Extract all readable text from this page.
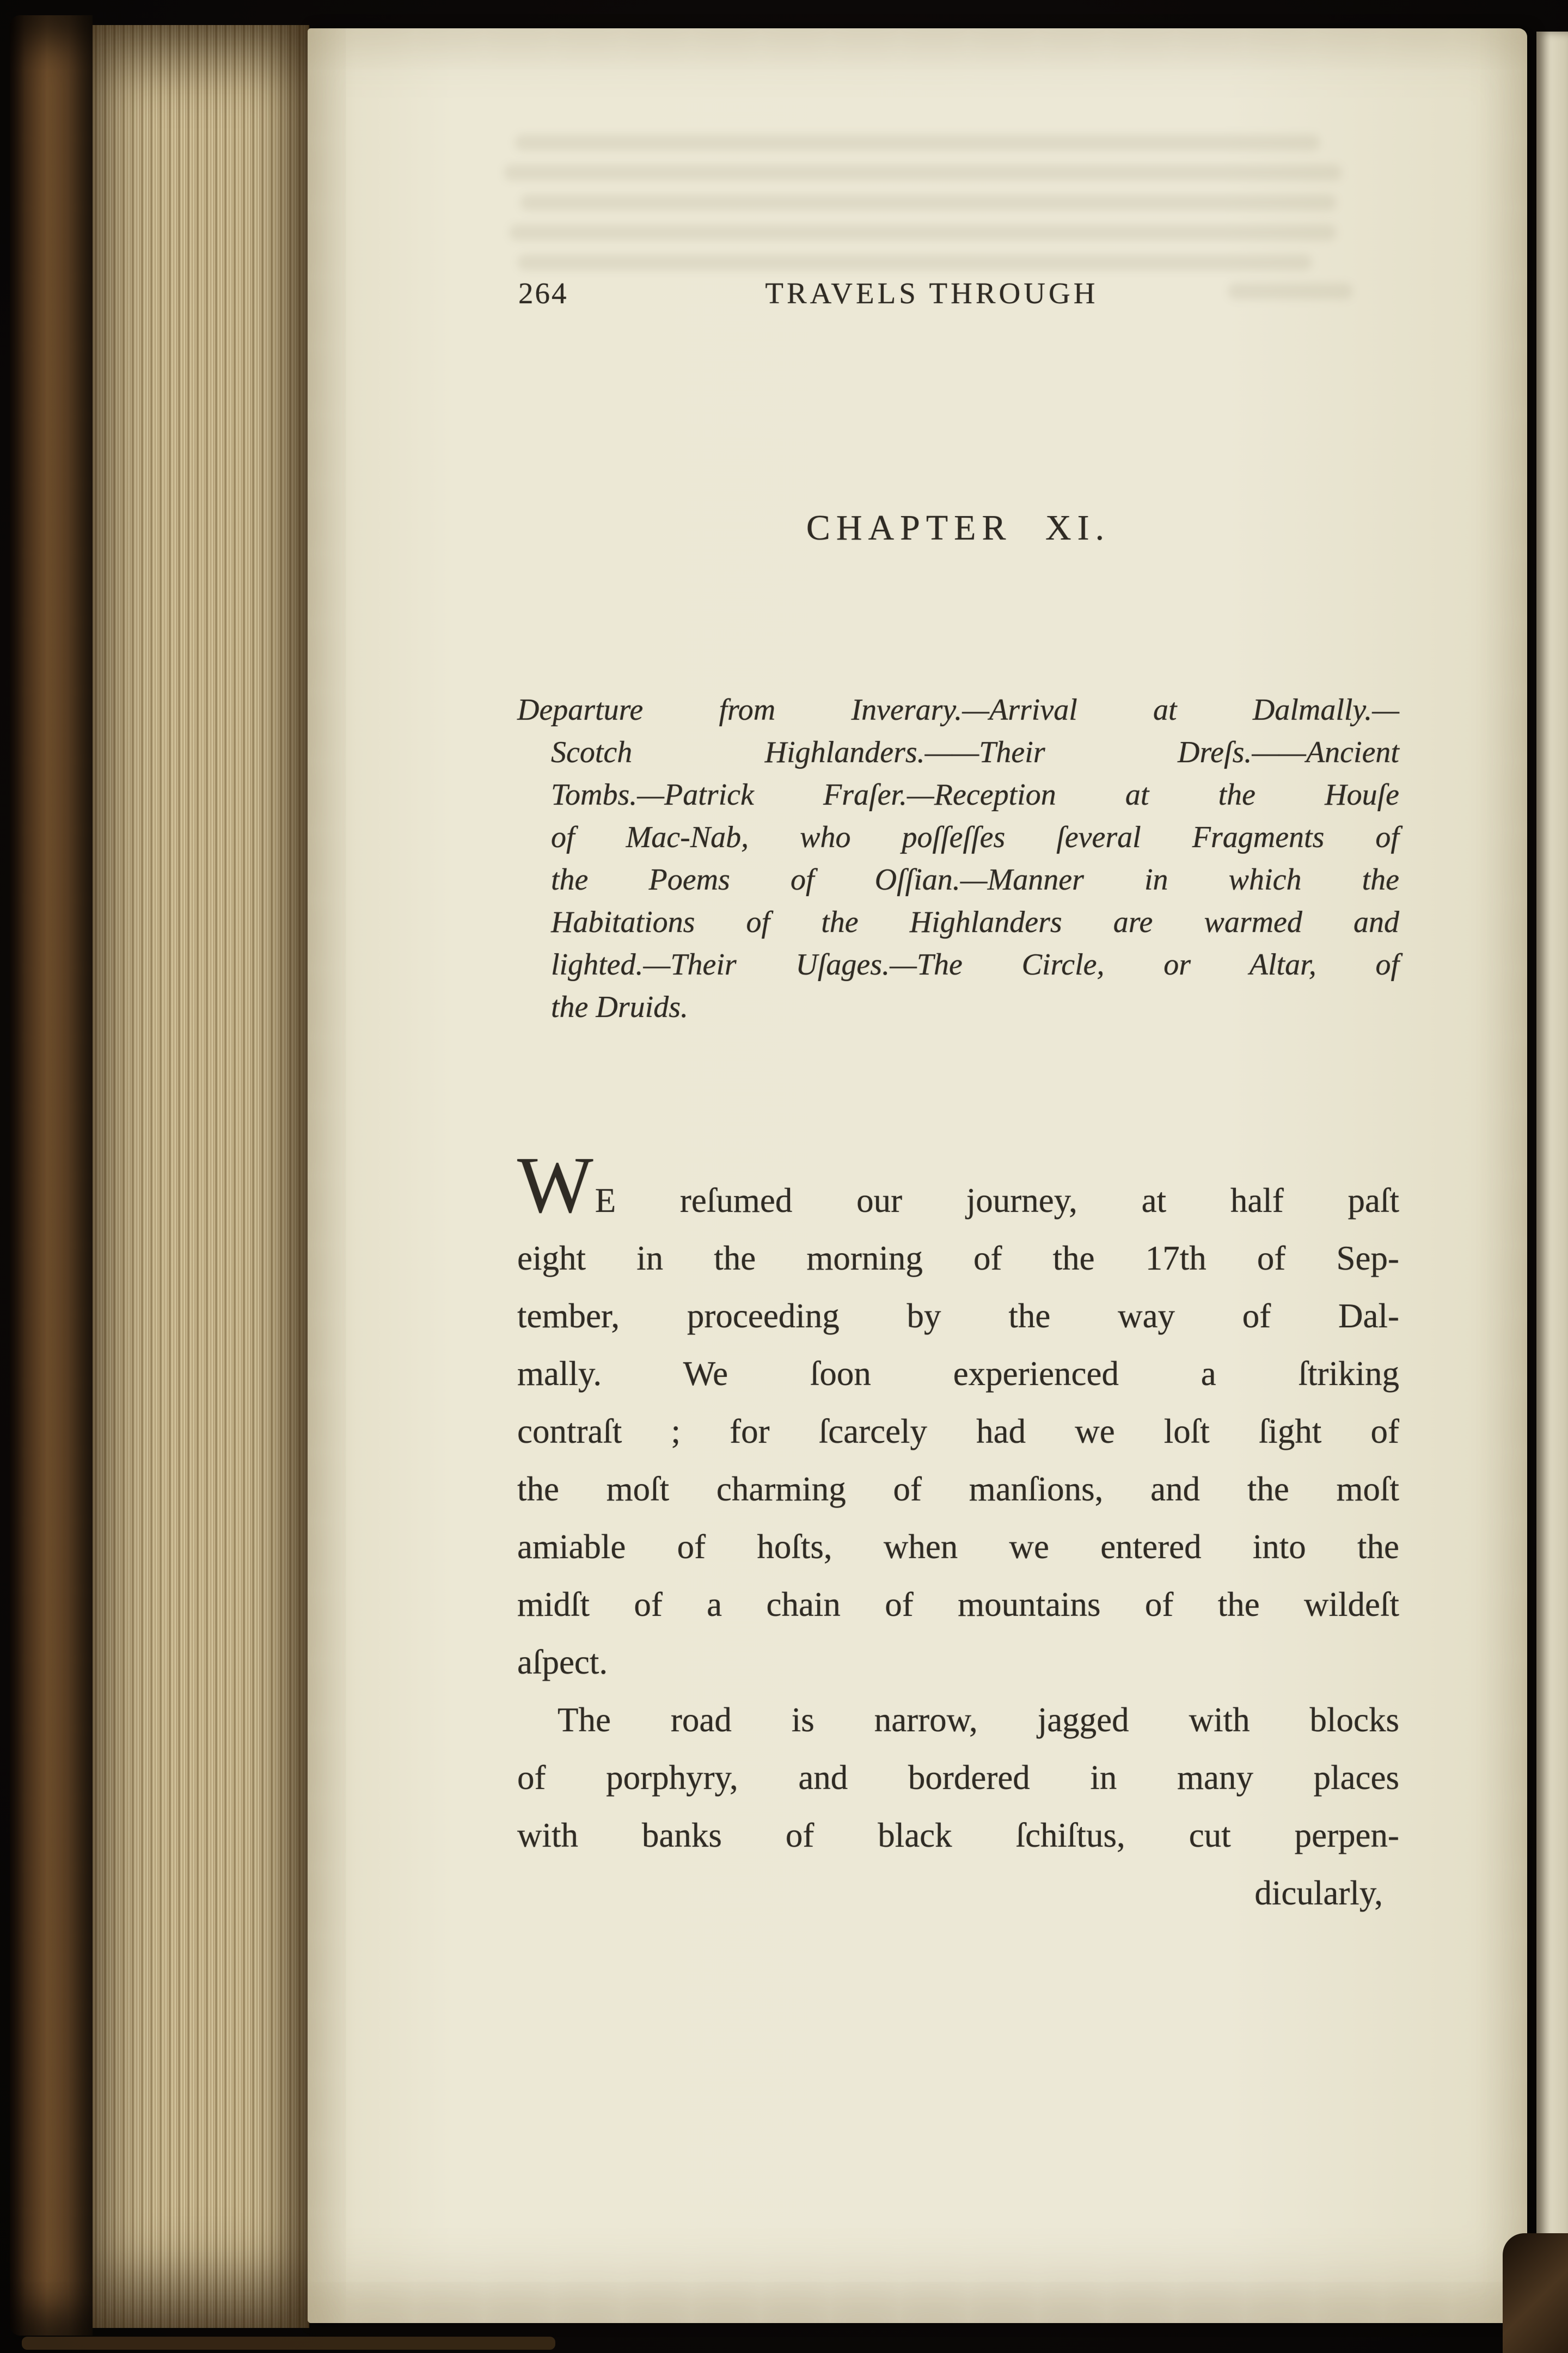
264	TRAVELS THROUGH
CHAPTER XI.
Departure from Inverary.—Arrival at Dalmally.—
Scotch Highlanders.——Their Dreſs.——Ancient
Tombs.—Patrick Fraſer.—Reception at the Houſe
of Mac-Nab, who poſſeſſes ſeveral Fragments of
the Poems of Oſſian.—Manner in which the
Habitations of the Highlanders are warmed and
lighted.—Their Uſages.—The Circle, or Altar, of
the Druids.
WE reſumed our journey, at half paſt
eight in the morning of the 17th of Sep-
tember, proceeding by the way of Dal-
mally. We ſoon experienced a ſtriking
contraſt ; for ſcarcely had we loſt ſight of
the moſt charming of manſions, and the moſt
amiable of hoſts, when we entered into the
midſt of a chain of mountains of the wildeſt
aſpect.
The road is narrow, jagged with blocks
of porphyry, and bordered in many places
with banks of black ſchiſtus, cut perpen-
dicularly,
